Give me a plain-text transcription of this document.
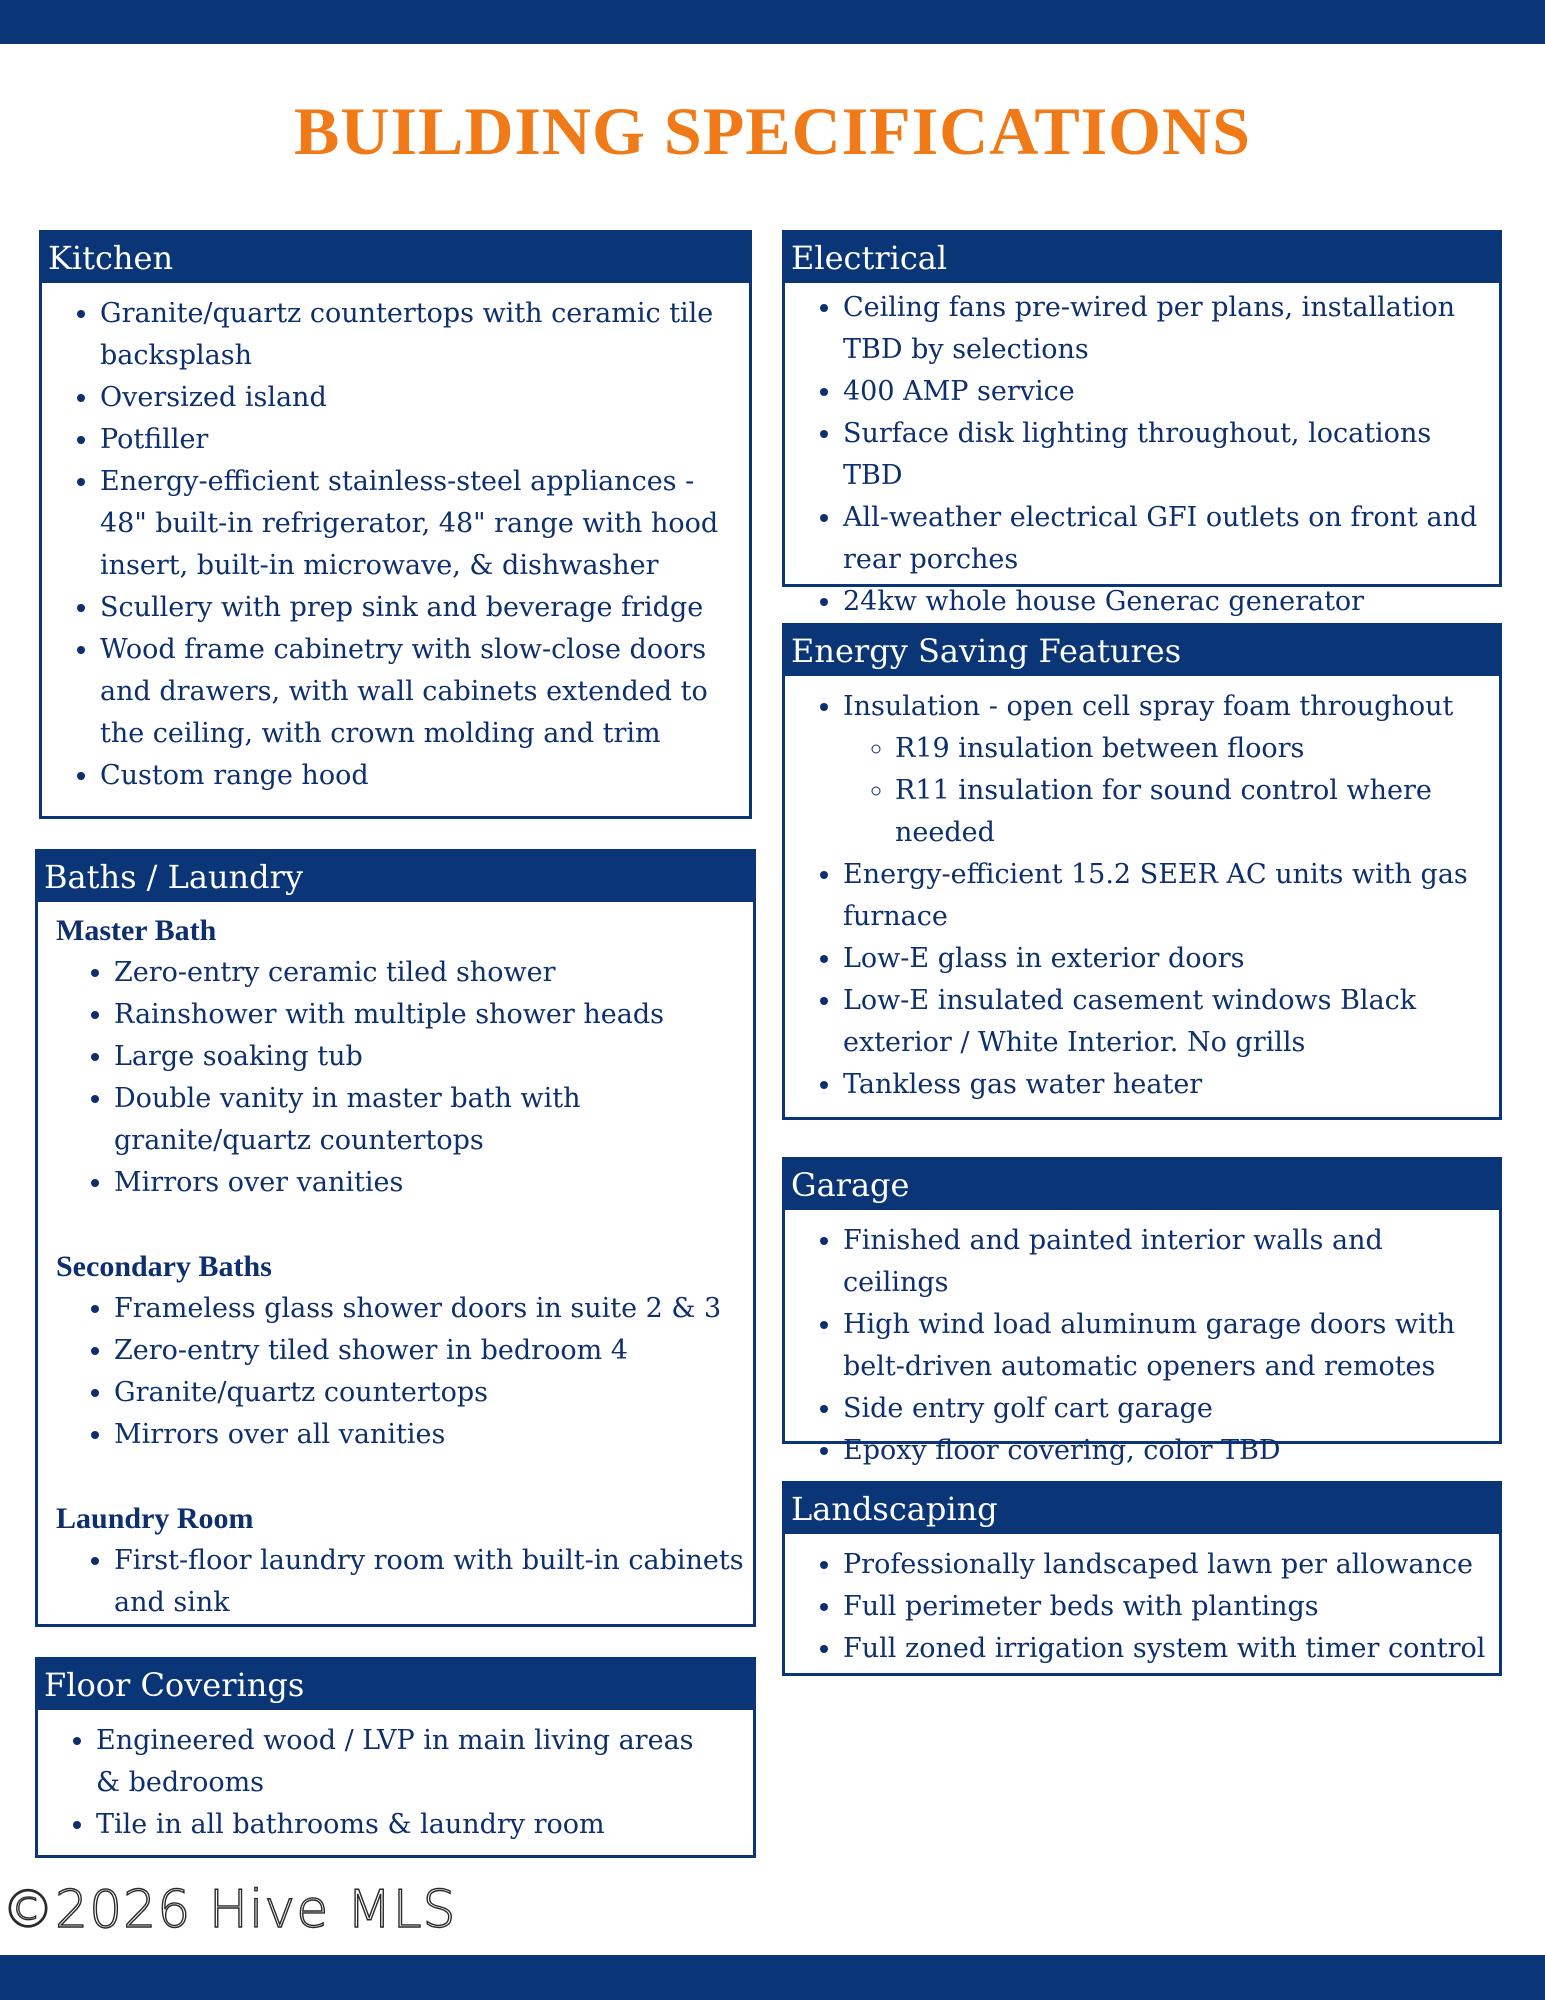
BUILDING SPECIFICATIONS
Kitchen
• Granite/quartz countertops with ceramic tile backsplash
• Oversized island
• Potfiller
• Energy-efficient stainless-steel appliances - 48" built-in refrigerator, 48" range with hood insert, built-in microwave, & dishwasher
• Scullery with prep sink and beverage fridge
• Wood frame cabinetry with slow-close doors and drawers, with wall cabinets extended to the ceiling, with crown molding and trim
• Custom range hood
Baths / Laundry
Master Bath
• Zero-entry ceramic tiled shower
• Rainshower with multiple shower heads
• Large soaking tub
• Double vanity in master bath with granite/quartz countertops
• Mirrors over vanities
Secondary Baths
• Frameless glass shower doors in suite 2 & 3
• Zero-entry tiled shower in bedroom 4
• Granite/quartz countertops
• Mirrors over all vanities
Laundry Room
• First-floor laundry room with built-in cabinets and sink
Floor Coverings
• Engineered wood / LVP in main living areas & bedrooms
• Tile in all bathrooms & laundry room
Electrical
• Ceiling fans pre-wired per plans, installation TBD by selections
• 400 AMP service
• Surface disk lighting throughout, locations TBD
• All-weather electrical GFI outlets on front and rear porches
• 24kw whole house Generac generator
Energy Saving Features
• Insulation - open cell spray foam throughout
◦ R19 insulation between floors
◦ R11 insulation for sound control where needed
• Energy-efficient 15.2 SEER AC units with gas furnace
• Low-E glass in exterior doors
• Low-E insulated casement windows Black exterior / White Interior. No grills
• Tankless gas water heater
Garage
• Finished and painted interior walls and ceilings
• High wind load aluminum garage doors with belt-driven automatic openers and remotes
• Side entry golf cart garage
• Epoxy floor covering, color TBD
Landscaping
• Professionally landscaped lawn per allowance
• Full perimeter beds with plantings
• Full zoned irrigation system with timer control
©2026 Hive MLS
